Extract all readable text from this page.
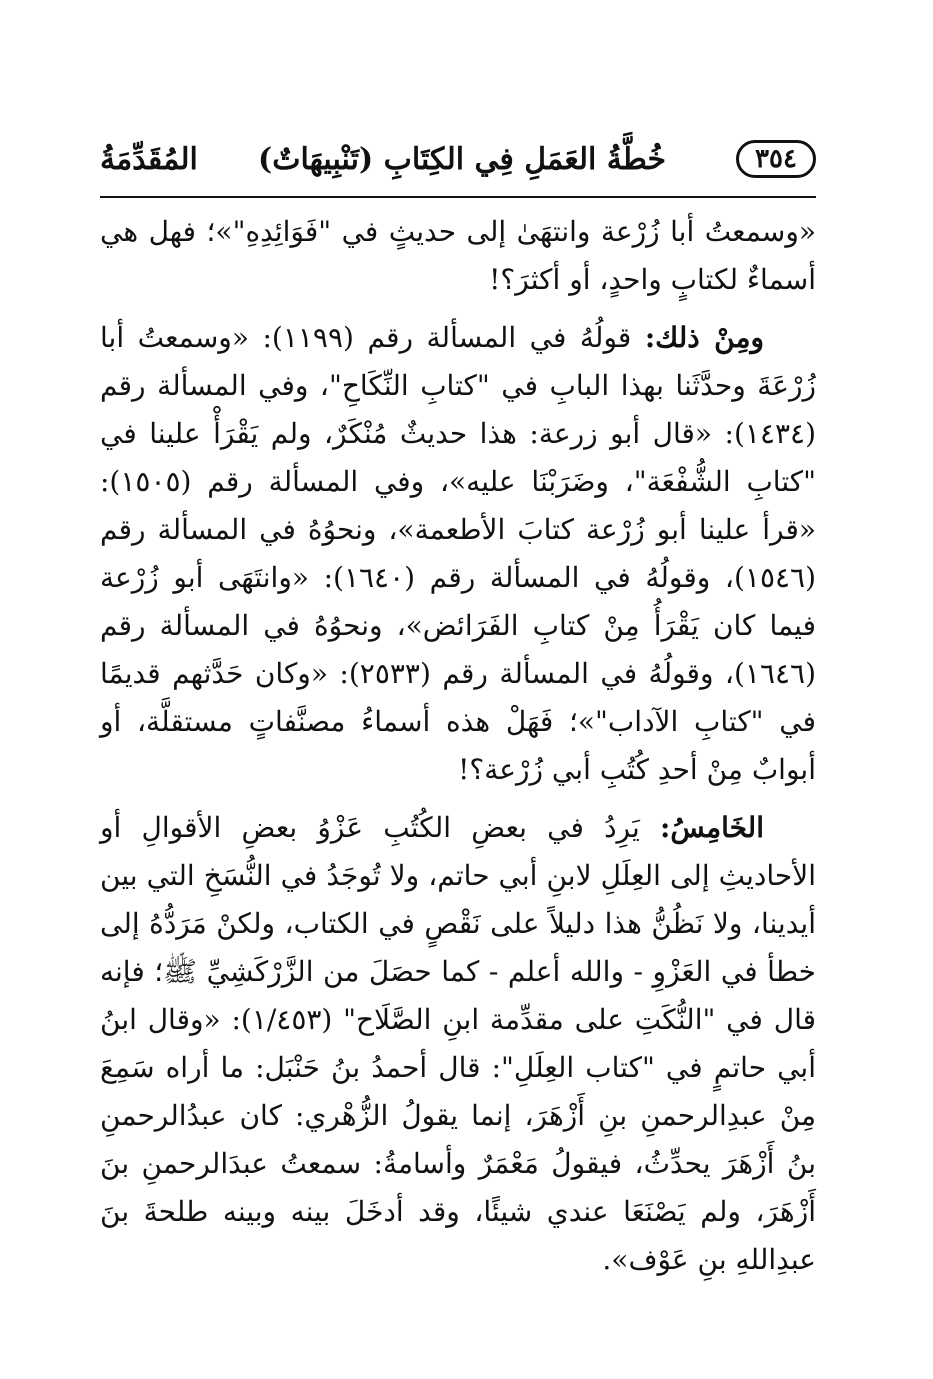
٣٥٤
خُطَّةُ العَمَلِ فِي الكِتَابِ (تَنْبِيهَاتٌ)
المُقَدِّمَةُ

«وسمعتُ أبا زُرْعة وانتهَىٰ إلى حديثٍ في "فَوَائِدِهِ"»؛ فهل هي أسماءٌ لكتابٍ واحدٍ، أو أكثرَ؟!

ومِنْ ذلك: قولُهُ في المسألة رقم (١١٩٩): «وسمعتُ أبا زُرْعَةَ وحدَّثَنا بهذا البابِ في "كتابِ النِّكَاحِ"، وفي المسألة رقم (١٤٣٤): «قال أبو زرعة: هذا حديثٌ مُنْكَرٌ، ولم يَقْرَأْ علينا في "كتابِ الشُّفْعَة"، وضَرَبْنَا عليه»، وفي المسألة رقم (١٥٠٥): «قرأ علينا أبو زُرْعة كتابَ الأطعمة»، ونحوُهُ في المسألة رقم (١٥٤٦)، وقولُهُ في المسألة رقم (١٦٤٠): «وانتَهَى أبو زُرْعة فيما كان يَقْرَأُ مِنْ كتابِ الفَرَائض»، ونحوُهُ في المسألة رقم (١٦٤٦)، وقولُهُ في المسألة رقم (٢٥٣٣): «وكان حَدَّثهم قديمًا في "كتابِ الآداب"»؛ فَهَلْ هذه أسماءُ مصنَّفاتٍ مستقلَّة، أو أبوابٌ مِنْ أحدِ كُتُبِ أبي زُرْعة؟!

الخَامِسُ: يَرِدُ في بعضِ الكُتُبِ عَزْوُ بعضِ الأقوالِ أو الأحاديثِ إلى العِلَلِ لابنِ أبي حاتم، ولا تُوجَدُ في النُّسَخِ التي بين أيدينا، ولا نَظُنُّ هذا دليلاً على نَقْصٍ في الكتاب، ولكنْ مَرَدُّهُ إلى خطأ في العَزْوِ - والله أعلم - كما حصَلَ من الزَّرْكَشِيِّ ﷺ؛ فإنه قال في "النُّكَتِ على مقدِّمة ابنِ الصَّلَاح" (١/٤٥٣): «وقال ابنُ أبي حاتمٍ في "كتاب العِلَلِ": قال أحمدُ بنُ حَنْبَل: ما أراه سَمِعَ مِنْ عبدِالرحمنِ بنِ أَزْهَرَ، إنما يقولُ الزُّهْري: كان عبدُالرحمنِ بنُ أَزْهَرَ يحدِّثُ، فيقولُ مَعْمَرٌ وأسامةُ: سمعتُ عبدَالرحمنِ بنَ أَزْهَرَ، ولم يَصْنَعَا عندي شيئًا، وقد أدخَلَ بينه وبينه طلحةَ بنَ عبدِاللهِ بنِ عَوْف».
